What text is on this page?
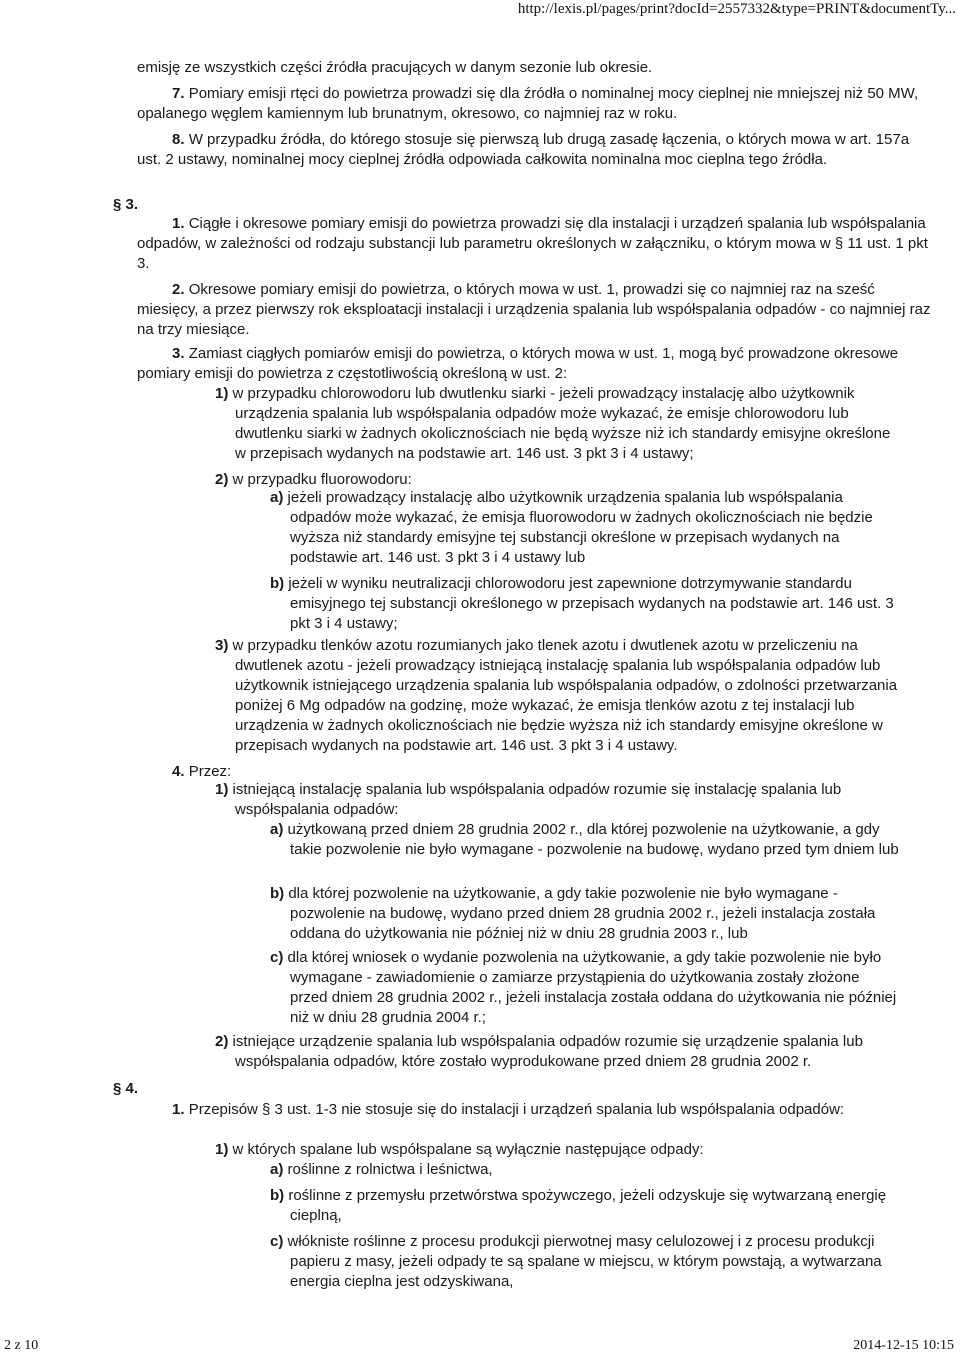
http://lexis.pl/pages/print?docId=2557332&type=PRINT&documentTy...
§ 3.
§ 4.
emisję ze wszystkich części źródła pracujących w danym sezonie lub okresie.
7. Pomiary emisji rtęci do powietrza prowadzi się dla źródła o nominalnej mocy cieplnej nie mniejszej niż 50 MW, opalanego węglem kamiennym lub brunatnym, okresowo, co najmniej raz w roku.
8. W przypadku źródła, do którego stosuje się pierwszą lub drugą zasadę łączenia, o których mowa w art. 157a ust. 2 ustawy, nominalnej mocy cieplnej źródła odpowiada całkowita nominalna moc cieplna tego źródła.
1. Ciągłe i okresowe pomiary emisji do powietrza prowadzi się dla instalacji i urządzeń spalania lub współspalania odpadów, w zależności od rodzaju substancji lub parametru określonych w załączniku, o którym mowa w § 11 ust. 1 pkt 3.
2. Okresowe pomiary emisji do powietrza, o których mowa w ust. 1, prowadzi się co najmniej raz na sześć miesięcy, a przez pierwszy rok eksploatacji instalacji i urządzenia spalania lub współspalania odpadów - co najmniej raz na trzy miesiące.
3. Zamiast ciągłych pomiarów emisji do powietrza, o których mowa w ust. 1, mogą być prowadzone okresowe pomiary emisji do powietrza z częstotliwością określoną w ust. 2:
1) w przypadku chlorowodoru lub dwutlenku siarki - jeżeli prowadzący instalację albo użytkownik urządzenia spalania lub współspalania odpadów może wykazać, że emisje chlorowodoru lub dwutlenku siarki w żadnych okolicznościach nie będą wyższe niż ich standardy emisyjne określone w przepisach wydanych na podstawie art. 146 ust. 3 pkt 3 i 4 ustawy;
2) w przypadku fluorowodoru:
a) jeżeli prowadzący instalację albo użytkownik urządzenia spalania lub współspalania odpadów może wykazać, że emisja fluorowodoru w żadnych okolicznościach nie będzie wyższa niż standardy emisyjne tej substancji określone w przepisach wydanych na podstawie art. 146 ust. 3 pkt 3 i 4 ustawy lub
b) jeżeli w wyniku neutralizacji chlorowodoru jest zapewnione dotrzymywanie standardu emisyjnego tej substancji określonego w przepisach wydanych na podstawie art. 146 ust. 3 pkt 3 i 4 ustawy;
3) w przypadku tlenków azotu rozumianych jako tlenek azotu i dwutlenek azotu w przeliczeniu na dwutlenek azotu - jeżeli prowadzący istniejącą instalację spalania lub współspalania odpadów lub użytkownik istniejącego urządzenia spalania lub współspalania odpadów, o zdolności przetwarzania poniżej 6 Mg odpadów na godzinę, może wykazać, że emisja tlenków azotu z tej instalacji lub urządzenia w żadnych okolicznościach nie będzie wyższa niż ich standardy emisyjne określone w przepisach wydanych na podstawie art. 146 ust. 3 pkt 3 i 4 ustawy.
4. Przez:
1) istniejącą instalację spalania lub współspalania odpadów rozumie się instalację spalania lub współspalania odpadów:
a) użytkowaną przed dniem 28 grudnia 2002 r., dla której pozwolenie na użytkowanie, a gdy takie pozwolenie nie było wymagane - pozwolenie na budowę, wydano przed tym dniem lub
b) dla której pozwolenie na użytkowanie, a gdy takie pozwolenie nie było wymagane - pozwolenie na budowę, wydano przed dniem 28 grudnia 2002 r., jeżeli instalacja została oddana do użytkowania nie później niż w dniu 28 grudnia 2003 r., lub
c) dla której wniosek o wydanie pozwolenia na użytkowanie, a gdy takie pozwolenie nie było wymagane - zawiadomienie o zamiarze przystąpienia do użytkowania zostały złożone przed dniem 28 grudnia 2002 r., jeżeli instalacja została oddana do użytkowania nie później niż w dniu 28 grudnia 2004 r.;
2) istniejące urządzenie spalania lub współspalania odpadów rozumie się urządzenie spalania lub współspalania odpadów, które zostało wyprodukowane przed dniem 28 grudnia 2002 r.
1. Przepisów § 3 ust. 1-3 nie stosuje się do instalacji i urządzeń spalania lub współspalania odpadów:
1) w których spalane lub współspalane są wyłącznie następujące odpady:
a) roślinne z rolnictwa i leśnictwa,
b) roślinne z przemysłu przetwórstwa spożywczego, jeżeli odzyskuje się wytwarzaną energię cieplną,
c) włókniste roślinne z procesu produkcji pierwotnej masy celulozowej i z procesu produkcji papieru z masy, jeżeli odpady te są spalane w miejscu, w którym powstają, a wytwarzana energia cieplna jest odzyskiwana,
2 z 10	2014-12-15 10:15
